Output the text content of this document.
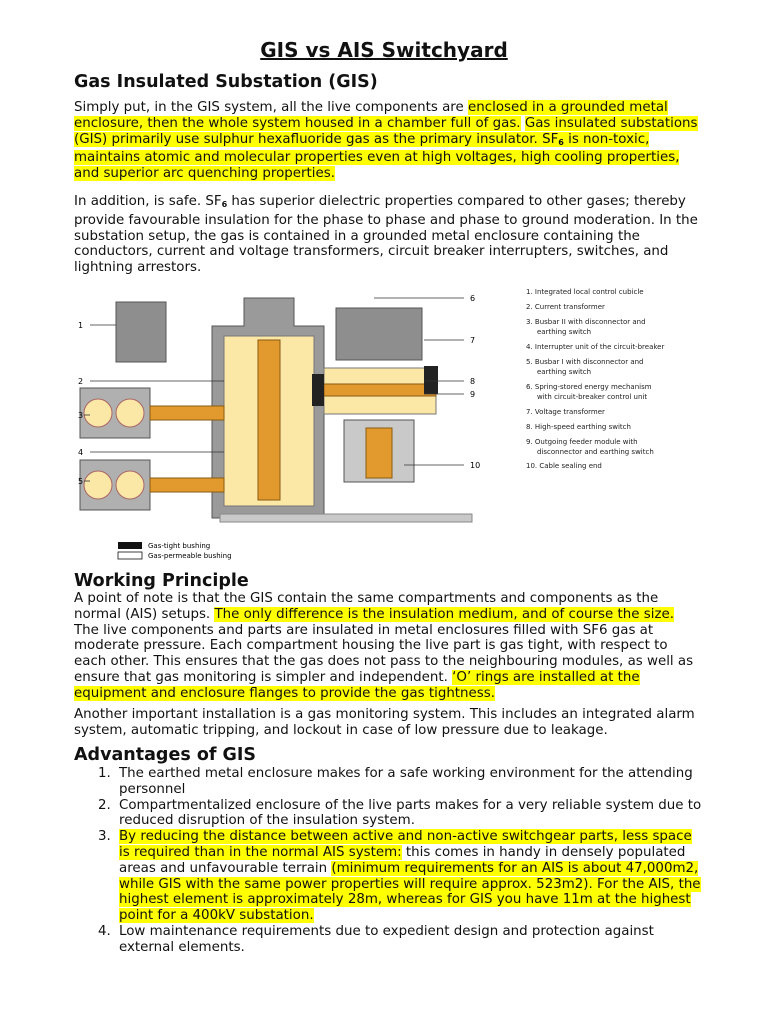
GIS vs AIS Switchyard
Gas Insulated Substation (GIS)

Simply put, in the GIS system, all the live components are enclosed in a grounded metal enclosure, then the whole system housed in a chamber full of gas. Gas insulated substations (GIS) primarily use sulphur hexafluoride gas as the primary insulator. $SF_6$ is non-toxic, maintains atomic and molecular properties even at high voltages, high cooling properties, and superior arc quenching properties.

In addition, is safe. $SF_6$ has superior dielectric properties compared to other gases; thereby provide favourable insulation for the phase to phase and phase to ground moderation. In the substation setup, the gas is contained in a grounded metal enclosure containing the conductors, current and voltage transformers, circuit breaker interrupters, switches, and lightning arrestors.

1
2
3
4
5
6
7
8
9
10
1. Integrated local control cubicle
2. Current transformer
3. Busbar II with disconnector and
earthing switch
4. Interrupter unit of the circuit-breaker
5. Busbar I with disconnector and
earthing switch
6. Spring-stored energy mechanism
with circuit-breaker control unit
7. Voltage transformer
8. High-speed earthing switch
9. Outgoing feeder module with
disconnector and earthing switch
10. Cable sealing end
Gas-tight bushing
Gas-permeable bushing
Working Principle

A point of note is that the GIS contain the same compartments and components as the normal (AIS) setups. The only difference is the insulation medium, and of course the size. The live components and parts are insulated in metal enclosures filled with SF6 gas at moderate pressure. Each compartment housing the live part is gas tight, with respect to each other. This ensures that the gas does not pass to the neighbouring modules, as well as ensure that gas monitoring is simpler and independent. ‘O’ rings are installed at the equipment and enclosure flanges to provide the gas tightness.

Another important installation is a gas monitoring system. This includes an integrated alarm system, automatic tripping, and lockout in case of low pressure due to leakage.

Advantages of GIS
1. The earthed metal enclosure makes for a safe working environment for the attending personnel
2. Compartmentalized enclosure of the live parts makes for a very reliable system due to reduced disruption of the insulation system.
3. By reducing the distance between active and non-active switchgear parts, less space is required than in the normal AIS system: this comes in handy in densely populated areas and unfavourable terrain (minimum requirements for an AIS is about 47,000m2, while GIS with the same power properties will require approx. 523m2). For the AIS, the highest element is approximately 28m, whereas for GIS you have 11m at the highest point for a 400kV substation.
4. Low maintenance requirements due to expedient design and protection against external elements.
